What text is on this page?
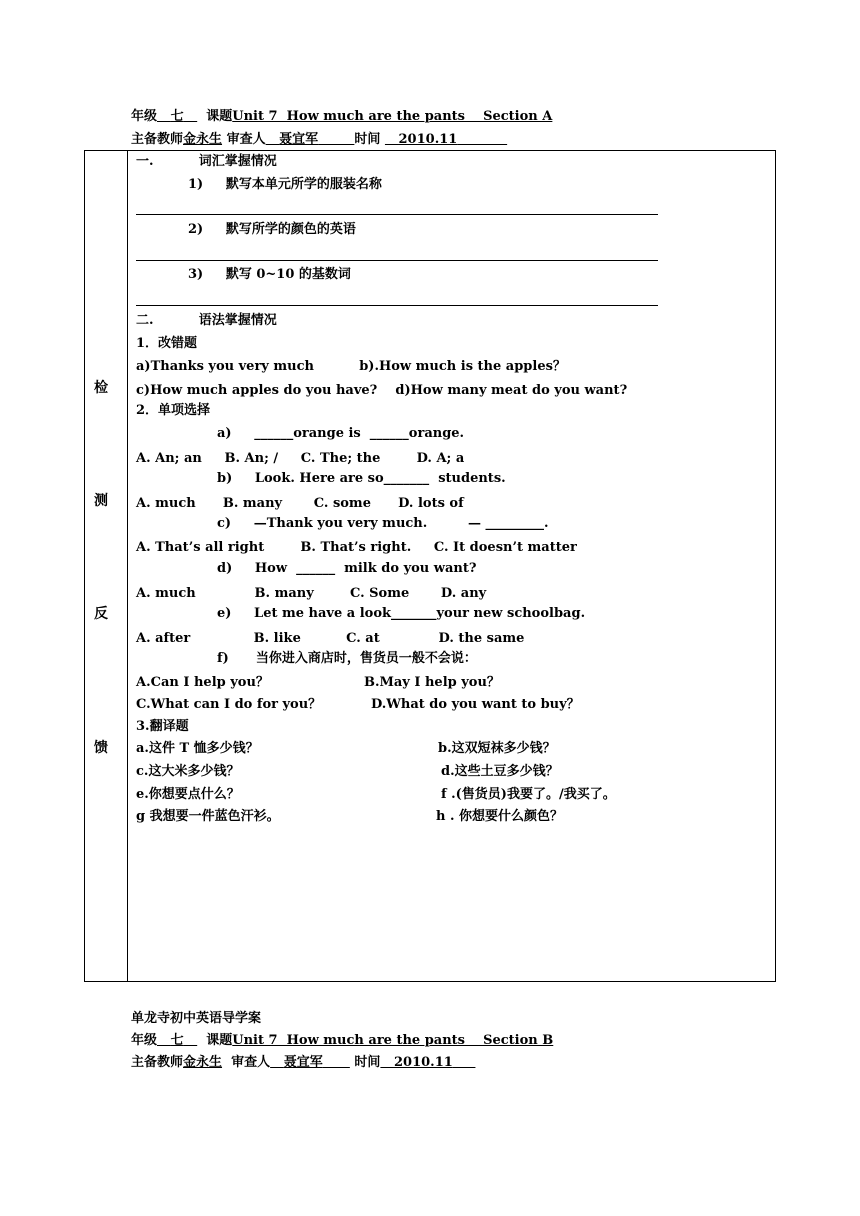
年级 七 课题Unit 7  How much are the pants    Section A
主备教师金永生 审查人 聂宜军	时间 2010.11
检
测
反
馈
一.          词汇掌握情况
1)     默写本单元所学的服装名称
2)     默写所学的颜色的英语
3)     默写 0~10 的基数词
二.          语法掌握情况
1．改错题
a)Thanks you very much          b).How much is the apples？
c)How much apples do you have?    d)How many meat do you want?
2．单项选择
a)     ______orange is  ______orange.
A. An; an     B. An; /     C. The; the        D. A; a
b)     Look. Here are so_______  students.
A. much      B. many       C. some      D. lots of
c)     —Thank you very much.         — _________.
A. That’s all right        B. That’s right.     C. It doesn’t matter
d)     How  ______  milk do you want?
A. much             B. many        C. Some       D. any
e)     Let me have a look_______your new schoolbag.
A. after              B. like          C. at             D. the same
f)      当你进入商店时，售货员一般不会说：
A.Can I help you？                     B.May I help you？
C.What can I do for you？           D.What do you want to buy？
3.翻译题
a.这件 T 恤多少钱？	b.这双短袜多少钱？
c.这大米多少钱？	d.这些土豆多少钱？
e.你想要点什么？	f .(售货员)我要了。/我买了。
g 我想要一件蓝色汗衫。	h . 你想要什么颜色？
单龙寺初中英语导学案
年级 七 课题Unit 7  How much are the pants    Section B
主备教师金永生 审查人 聂宜军 时间 2010.11
